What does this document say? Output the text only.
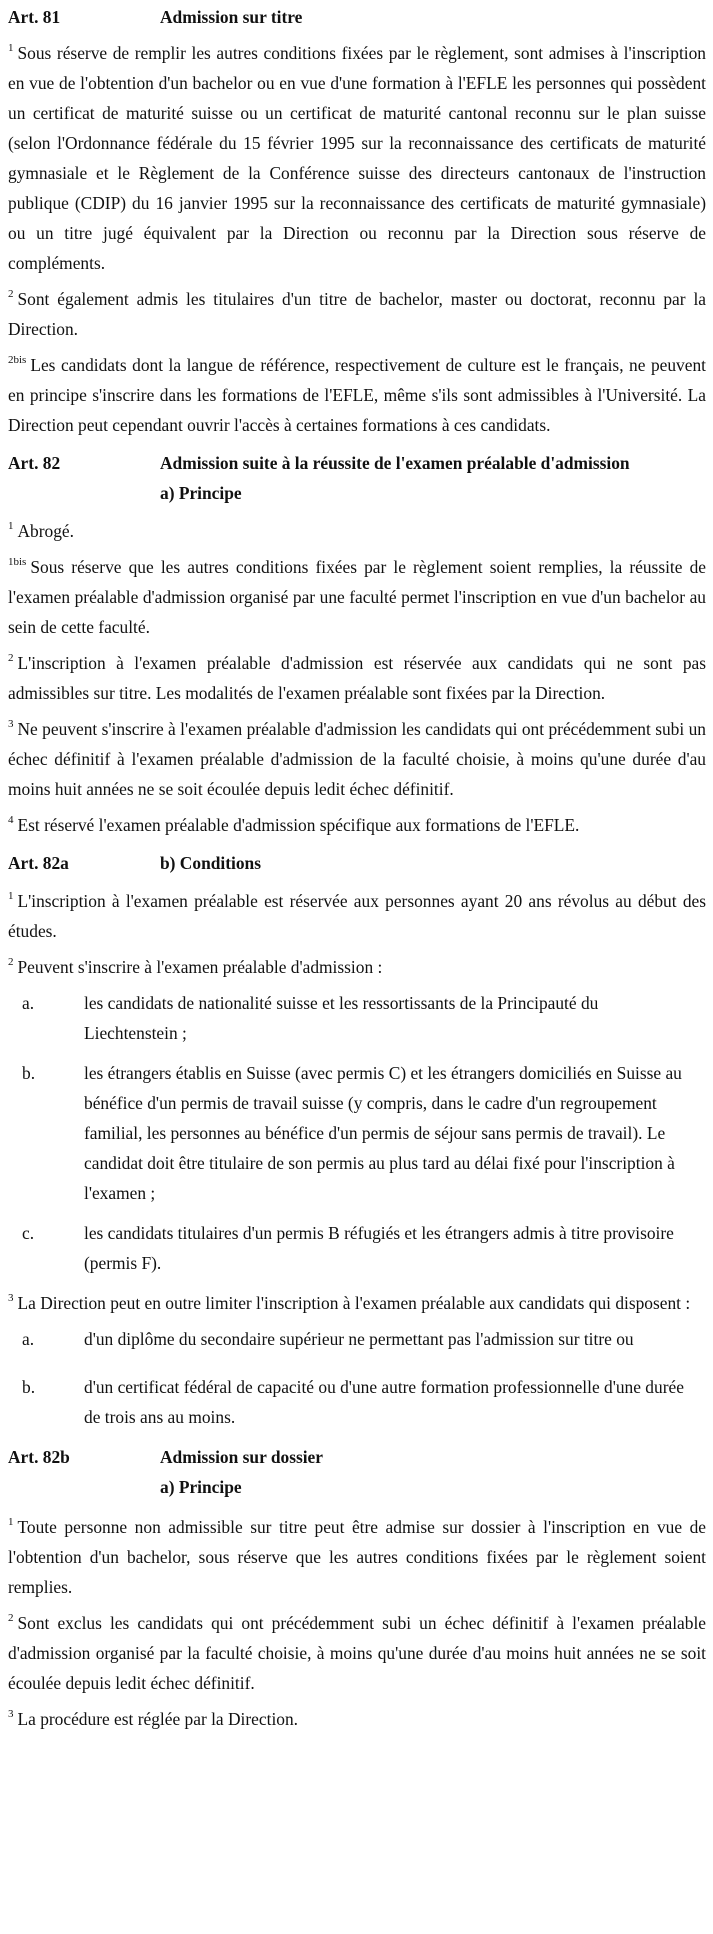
Art. 81	Admission sur titre

$^1$ Sous réserve de remplir les autres conditions fixées par le règlement, sont admises à l'inscription en vue de l'obtention d'un bachelor ou en vue d'une formation à l'EFLE les personnes qui possèdent un certificat de maturité suisse ou un certificat de maturité cantonal reconnu sur le plan suisse (selon l'Ordonnance fédérale du 15 février 1995 sur la reconnaissance des certificats de maturité gymnasiale et le Règlement de la Conférence suisse des directeurs cantonaux de l'instruction publique (CDIP) du 16 janvier 1995 sur la reconnaissance des certificats de maturité gymnasiale) ou un titre jugé équivalent par la Direction ou reconnu par la Direction sous réserve de compléments.

$^2$ Sont également admis les titulaires d'un titre de bachelor, master ou doctorat, reconnu par la Direction.

$^{2bis}$ Les candidats dont la langue de référence, respectivement de culture est le français, ne peuvent en principe s'inscrire dans les formations de l'EFLE, même s'ils sont admissibles à l'Université. La Direction peut cependant ouvrir l'accès à certaines formations à ces candidats.

Art. 82	Admission suite à la réussite de l'examen préalable d'admission
a) Principe

$^1$ Abrogé.

$^{1bis}$ Sous réserve que les autres conditions fixées par le règlement soient remplies, la réussite de l'examen préalable d'admission organisé par une faculté permet l'inscription en vue d'un bachelor au sein de cette faculté.

$^2$ L'inscription à l'examen préalable d'admission est réservée aux candidats qui ne sont pas admissibles sur titre. Les modalités de l'examen préalable sont fixées par la Direction.

$^3$ Ne peuvent s'inscrire à l'examen préalable d'admission les candidats qui ont précédemment subi un échec définitif à l'examen préalable d'admission de la faculté choisie, à moins qu'une durée d'au moins huit années ne se soit écoulée depuis ledit échec définitif.

$^4$ Est réservé l'examen préalable d'admission spécifique aux formations de l'EFLE.

Art. 82a	b) Conditions

$^1$ L'inscription à l'examen préalable est réservée aux personnes ayant 20 ans révolus au début des études.

$^2$ Peuvent s'inscrire à l'examen préalable d'admission :

a.	les candidats de nationalité suisse et les ressortissants de la Principauté du Liechtenstein ;
b.	les étrangers établis en Suisse (avec permis C) et les étrangers domiciliés en Suisse au bénéfice d'un permis de travail suisse (y compris, dans le cadre d'un regroupement familial, les personnes au bénéfice d'un permis de séjour sans permis de travail). Le candidat doit être titulaire de son permis au plus tard au délai fixé pour l'inscription à l'examen ;
c.	les candidats titulaires d'un permis B réfugiés et les étrangers admis à titre provisoire (permis F).

$^3$ La Direction peut en outre limiter l'inscription à l'examen préalable aux candidats qui disposent :

a.	d'un diplôme du secondaire supérieur ne permettant pas l'admission sur titre ou
b.	d'un certificat fédéral de capacité ou d'une autre formation professionnelle d'une durée de trois ans au moins.
Art. 82b	Admission sur dossier
a) Principe

$^1$ Toute personne non admissible sur titre peut être admise sur dossier à l'inscription en vue de l'obtention d'un bachelor, sous réserve que les autres conditions fixées par le règlement soient remplies.

$^2$ Sont exclus les candidats qui ont précédemment subi un échec définitif à l'examen préalable d'admission organisé par la faculté choisie, à moins qu'une durée d'au moins huit années ne se soit écoulée depuis ledit échec définitif.

$^3$ La procédure est réglée par la Direction.
